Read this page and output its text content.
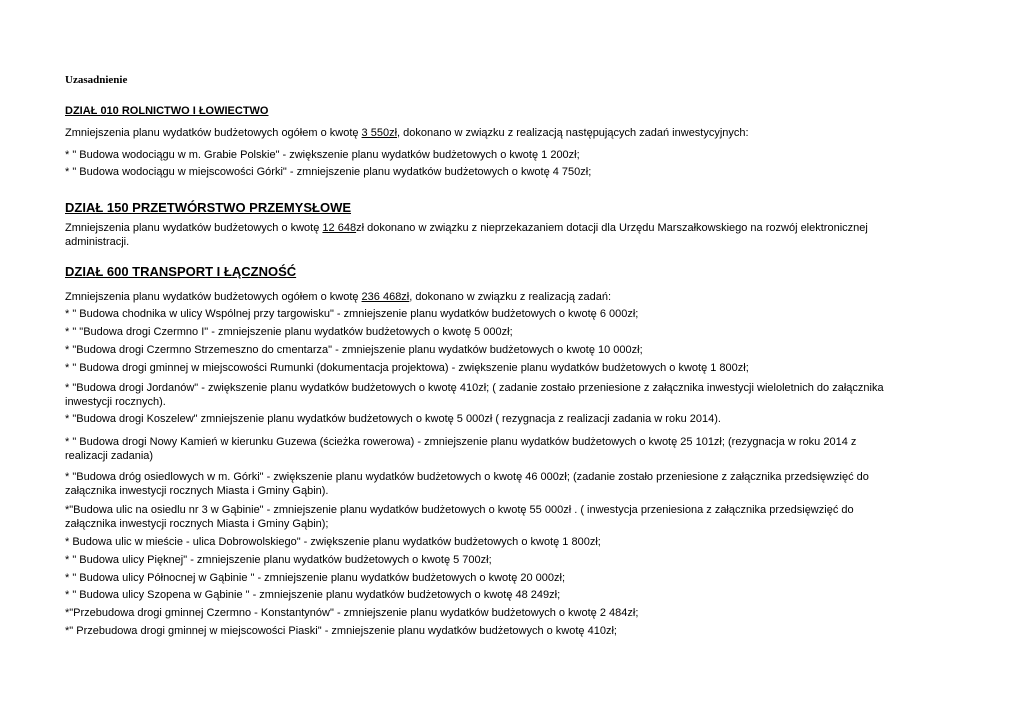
Uzasadnienie
DZIAŁ 010 ROLNICTWO I ŁOWIECTWO
Zmniejszenia planu wydatków budżetowych ogółem o kwotę 3 550zł, dokonano w związku z realizacją następujących zadań inwestycyjnych:
* " Budowa wodociągu w m. Grabie Polskie" - zwiększenie planu wydatków budżetowych o kwotę 1 200zł;
* " Budowa wodociągu w miejscowości Górki" - zmniejszenie planu wydatków budżetowych o kwotę 4 750zł;
DZIAŁ 150 PRZETWÓRSTWO PRZEMYSŁOWE
Zmniejszenia planu wydatków budżetowych o kwotę 12 648zł dokonano w związku z nieprzekazaniem dotacji dla Urzędu Marszałkowskiego na rozwój elektronicznej administracji.
DZIAŁ 600 TRANSPORT I ŁĄCZNOŚĆ
Zmniejszenia planu wydatków budżetowych ogółem o kwotę 236 468zł, dokonano w związku z realizacją zadań:
* " Budowa chodnika w ulicy Wspólnej przy targowisku" - zmniejszenie planu wydatków budżetowych o kwotę 6 000zł;
* " "Budowa drogi Czermno I" - zmniejszenie planu wydatków budżetowych o kwotę 5 000zł;
* "Budowa drogi Czermno Strzemeszno do cmentarza" - zmniejszenie planu wydatków budżetowych o kwotę 10 000zł;
* " Budowa drogi gminnej w miejscowości Rumunki (dokumentacja projektowa) - zwiększenie planu wydatków budżetowych o kwotę 1 800zł;
* "Budowa drogi Jordanów" - zwiększenie planu wydatków budżetowych o kwotę 410zł; ( zadanie zostało przeniesione z załącznika inwestycji wieloletnich do załącznika inwestycji rocznych).
* "Budowa drogi Koszelew" zmniejszenie planu wydatków budżetowych o kwotę 5 000zł ( rezygnacja z realizacji zadania w roku 2014).
* " Budowa drogi Nowy Kamień w kierunku Guzewa (ścieżka rowerowa) - zmniejszenie planu wydatków budżetowych o kwotę 25 101zł; (rezygnacja w roku 2014 z realizacji zadania)
* "Budowa dróg osiedlowych w m. Górki" - zwiększenie planu wydatków budżetowych o kwotę 46 000zł; (zadanie zostało przeniesione z załącznika przedsięwzięć do załącznika inwestycji rocznych Miasta i Gminy Gąbin).
*"Budowa ulic na osiedlu nr 3 w Gąbinie" - zmniejszenie planu wydatków budżetowych o kwotę 55 000zł . ( inwestycja przeniesiona z załącznika przedsięwzięć do załącznika inwestycji rocznych Miasta i Gminy Gąbin);
* Budowa ulic w mieście - ulica Dobrowolskiego" - zwiększenie planu wydatków budżetowych o kwotę 1 800zł;
* " Budowa ulicy Pięknej" - zmniejszenie planu wydatków budżetowych o kwotę 5 700zł;
* " Budowa ulicy Północnej w Gąbinie " - zmniejszenie planu wydatków budżetowych o kwotę 20 000zł;
* " Budowa ulicy Szopena w Gąbinie " - zmniejszenie planu wydatków budżetowych o kwotę 48 249zł;
*"Przebudowa drogi gminnej Czermno - Konstantynów" - zmniejszenie planu wydatków budżetowych o kwotę 2 484zł;
*" Przebudowa drogi gminnej w miejscowości Piaski" - zmniejszenie planu wydatków budżetowych o kwotę 410zł;
